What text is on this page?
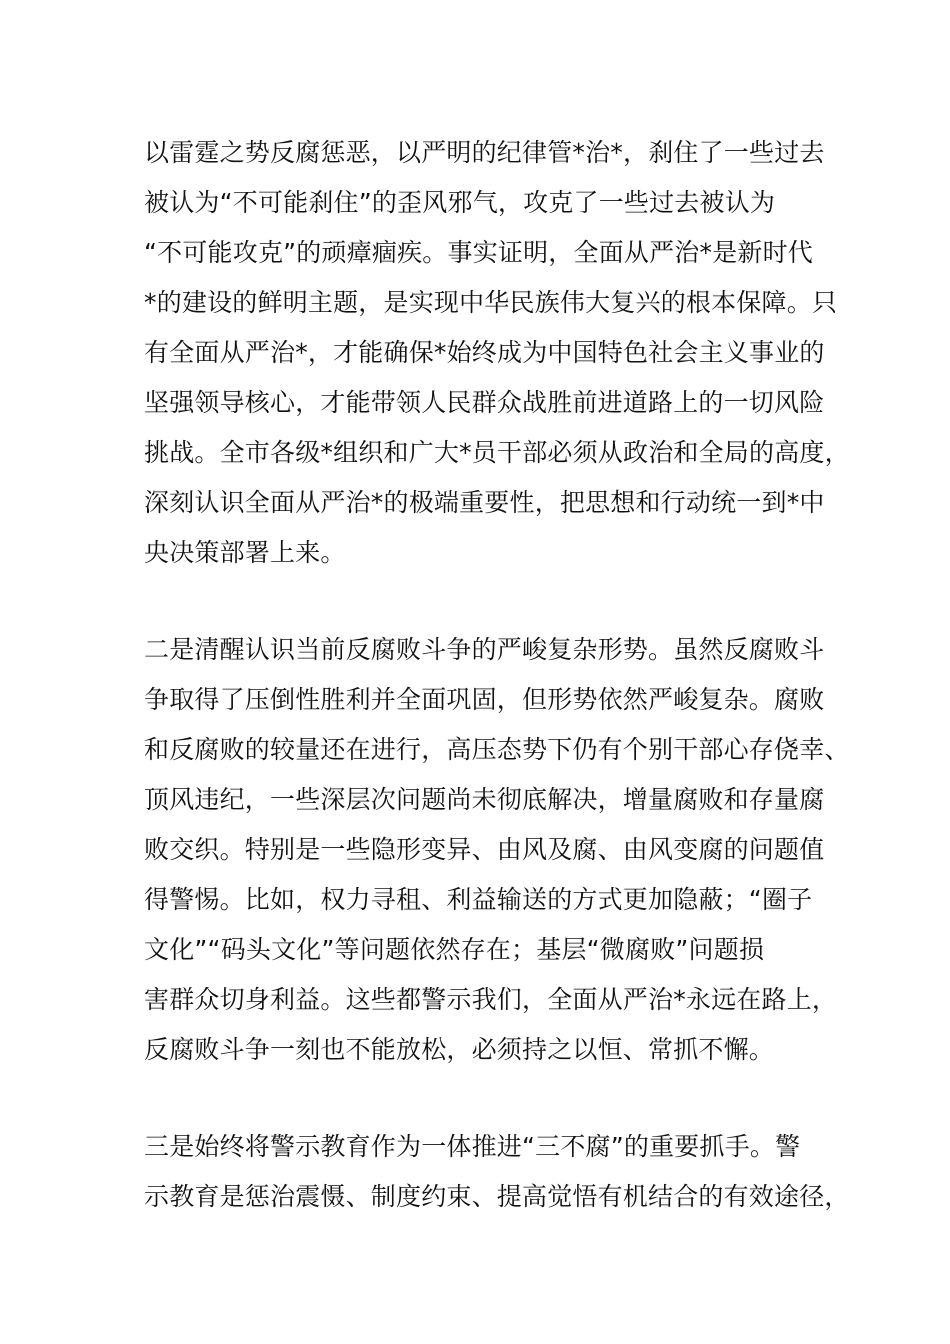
以雷霆之势反腐惩恶，以严明的纪律管*治*，刹住了一些过去

被认为“不可能刹住”的歪风邪气，攻克了一些过去被认为

“不可能攻克”的顽瘴痼疾。事实证明，全面从严治*是新时代

*的建设的鲜明主题，是实现中华民族伟大复兴的根本保障。只

有全面从严治*，才能确保*始终成为中国特色社会主义事业的

坚强领导核心，才能带领人民群众战胜前进道路上的一切风险

挑战。全市各级*组织和广大*员干部必须从政治和全局的高度，

深刻认识全面从严治*的极端重要性，把思想和行动统一到*中

央决策部署上来。

二是清醒认识当前反腐败斗争的严峻复杂形势。虽然反腐败斗

争取得了压倒性胜利并全面巩固，但形势依然严峻复杂。腐败

和反腐败的较量还在进行，高压态势下仍有个别干部心存侥幸、

顶风违纪，一些深层次问题尚未彻底解决，增量腐败和存量腐

败交织。特别是一些隐形变异、由风及腐、由风变腐的问题值

得警惕。比如，权力寻租、利益输送的方式更加隐蔽；“圈子

文化”“码头文化”等问题依然存在；基层“微腐败”问题损

害群众切身利益。这些都警示我们，全面从严治*永远在路上，

反腐败斗争一刻也不能放松，必须持之以恒、常抓不懈。

三是始终将警示教育作为一体推进“三不腐”的重要抓手。警

示教育是惩治震慑、制度约束、提高觉悟有机结合的有效途径，
